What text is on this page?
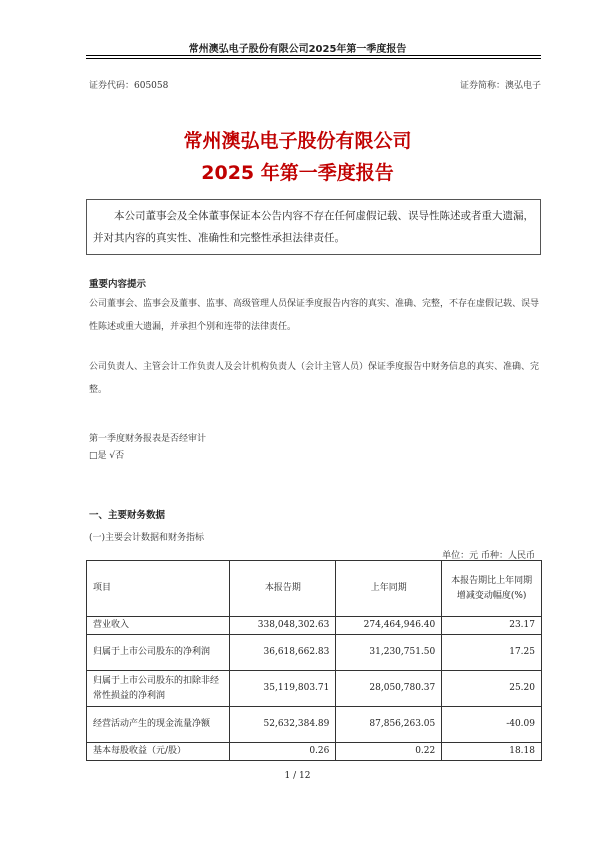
常州澳弘电子股份有限公司2025年第一季度报告
证券代码：605058	证券简称：澳弘电子
常州澳弘电子股份有限公司
2025 年第一季度报告
本公司董事会及全体董事保证本公告内容不存在任何虚假记载、误导性陈述或者重大遗漏，并对其内容的真实性、准确性和完整性承担法律责任。
重要内容提示
公司董事会、监事会及董事、监事、高级管理人员保证季度报告内容的真实、准确、完整，不存在虚假记载、误导性陈述或重大遗漏，并承担个别和连带的法律责任。
公司负责人、主管会计工作负责人及会计机构负责人（会计主管人员）保证季度报告中财务信息的真实、准确、完整。
第一季度财务报表是否经审计
□是 √否
一、主要财务数据
(一)主要会计数据和财务指标
单位：元 币种：人民币
项目	本报告期	上年同期	本报告期比上年同期增减变动幅度(%)
营业收入	338,048,302.63	274,464,946.40	23.17
归属于上市公司股东的净利润	36,618,662.83	31,230,751.50	17.25
归属于上市公司股东的扣除非经常性损益的净利润	35,119,803.71	28,050,780.37	25.20
经营活动产生的现金流量净额	52,632,384.89	87,856,263.05	-40.09
基本每股收益（元/股）	0.26	0.22	18.18
1 / 12
